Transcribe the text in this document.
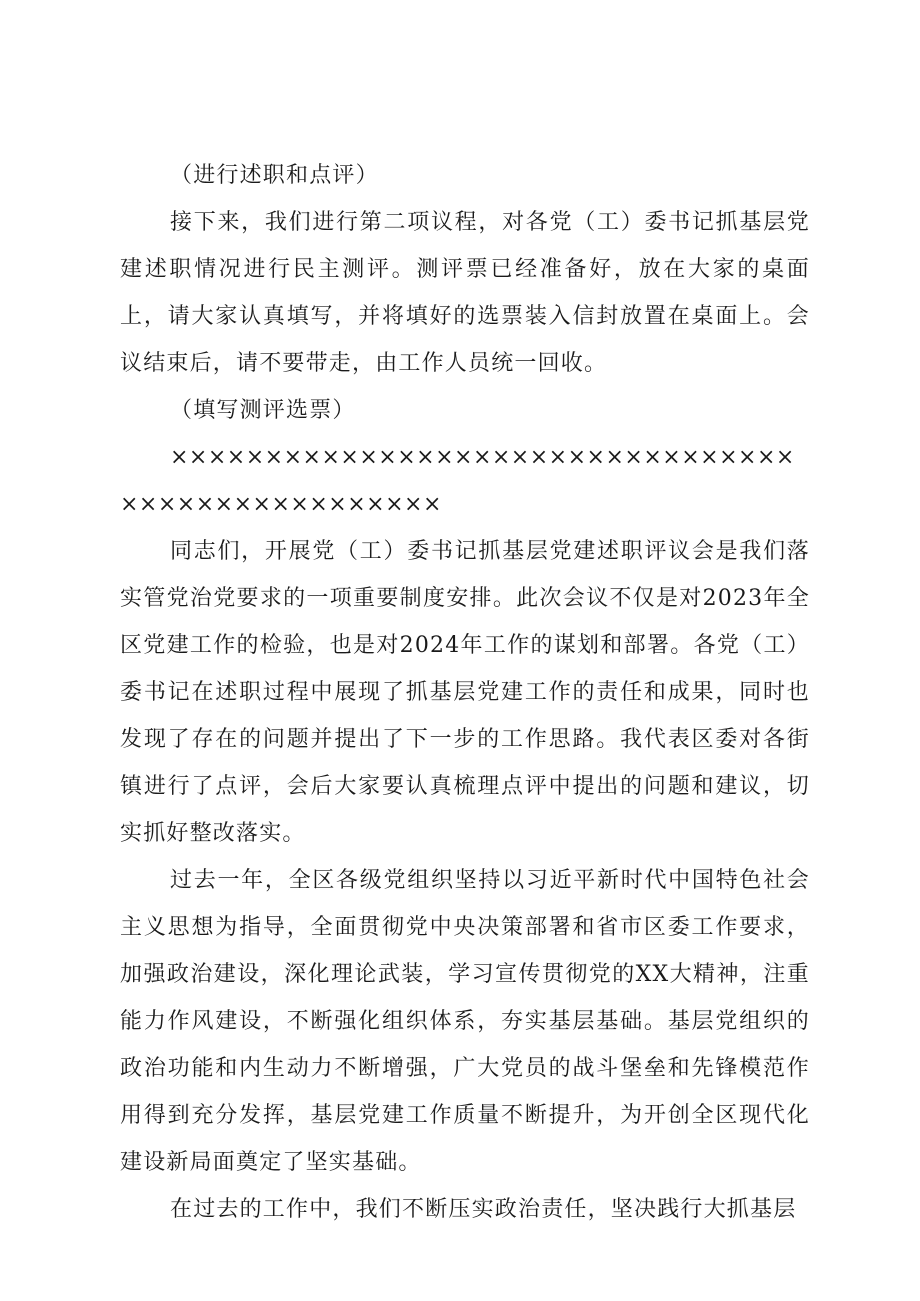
（进行述职和点评）

接下来，我们进行第二项议程，对各党（工）委书记抓基层党建述职情况进行民主测评。测评票已经准备好，放在大家的桌面上，请大家认真填写，并将填好的选票装入信封放置在桌面上。会议结束后，请不要带走，由工作人员统一回收。

（填写测评选票）

××××××××××××××××××××××××××××××××××××××××××××××××××

同志们，开展党（工）委书记抓基层党建述职评议会是我们落实管党治党要求的一项重要制度安排。此次会议不仅是对2023年全区党建工作的检验，也是对2024年工作的谋划和部署。各党（工）委书记在述职过程中展现了抓基层党建工作的责任和成果，同时也发现了存在的问题并提出了下一步的工作思路。我代表区委对各街镇进行了点评，会后大家要认真梳理点评中提出的问题和建议，切实抓好整改落实。

过去一年，全区各级党组织坚持以习近平新时代中国特色社会主义思想为指导，全面贯彻党中央决策部署和省市区委工作要求，加强政治建设，深化理论武装，学习宣传贯彻党的XX大精神，注重能力作风建设，不断强化组织体系，夯实基层基础。基层党组织的政治功能和内生动力不断增强，广大党员的战斗堡垒和先锋模范作用得到充分发挥，基层党建工作质量不断提升，为开创全区现代化建设新局面奠定了坚实基础。

在过去的工作中，我们不断压实政治责任，坚决践行大抓基层
